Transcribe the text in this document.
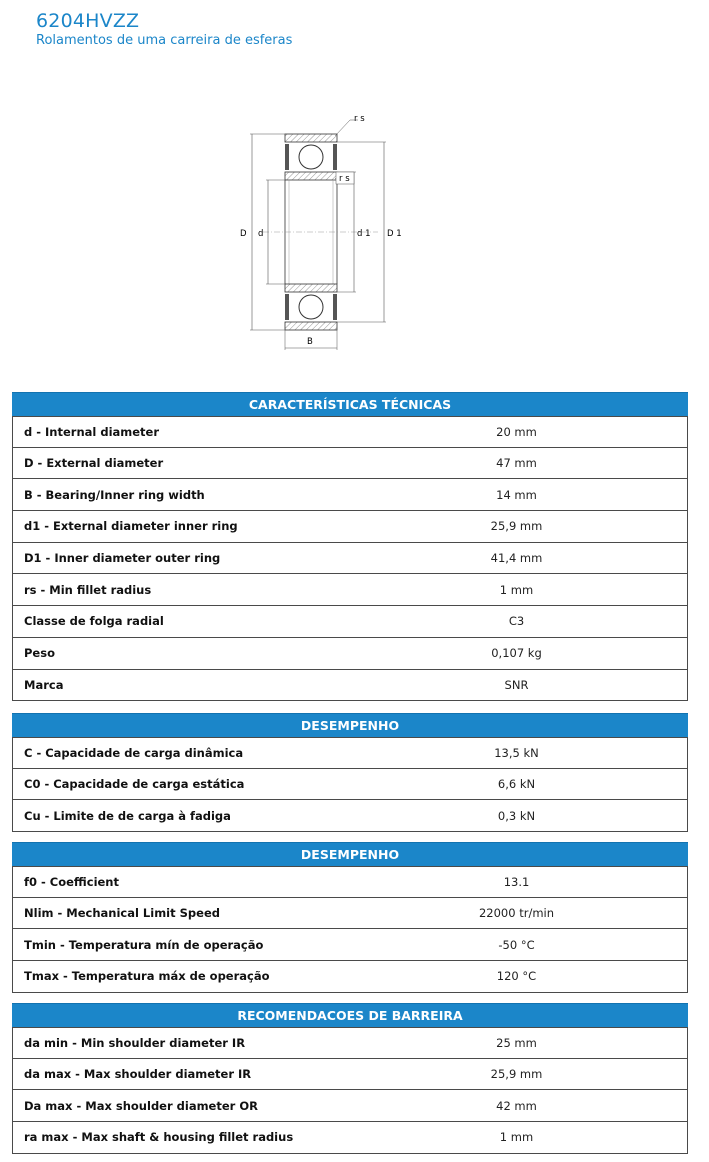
6204HVZZ
Rolamentos de uma carreira de esferas
D d	d 1 D 1
B
r s
r s
CARACTERÍSTICAS TÉCNICAS
d - Internal diameter	20 mm
D - External diameter	47 mm
B - Bearing/Inner ring width	14 mm
d1 - External diameter inner ring	25,9 mm
D1 - Inner diameter outer ring	41,4 mm
rs - Min fillet radius	1 mm
Classe de folga radial	C3
Peso	0,107 kg
Marca	SNR
DESEMPENHO
C - Capacidade de carga dinâmica	13,5 kN
C0 - Capacidade de carga estática	6,6 kN
Cu - Limite de de carga à fadiga	0,3 kN
DESEMPENHO
f0 - Coefficient	13.1
Nlim - Mechanical Limit Speed	22000 tr/min
Tmin - Temperatura mín de operação	-50 °C
Tmax - Temperatura máx de operação	120 °C
RECOMENDACOES DE BARREIRA
da min - Min shoulder diameter IR	25 mm
da max - Max shoulder diameter IR	25,9 mm
Da max - Max shoulder diameter OR	42 mm
ra max - Max shaft & housing fillet radius	1 mm
